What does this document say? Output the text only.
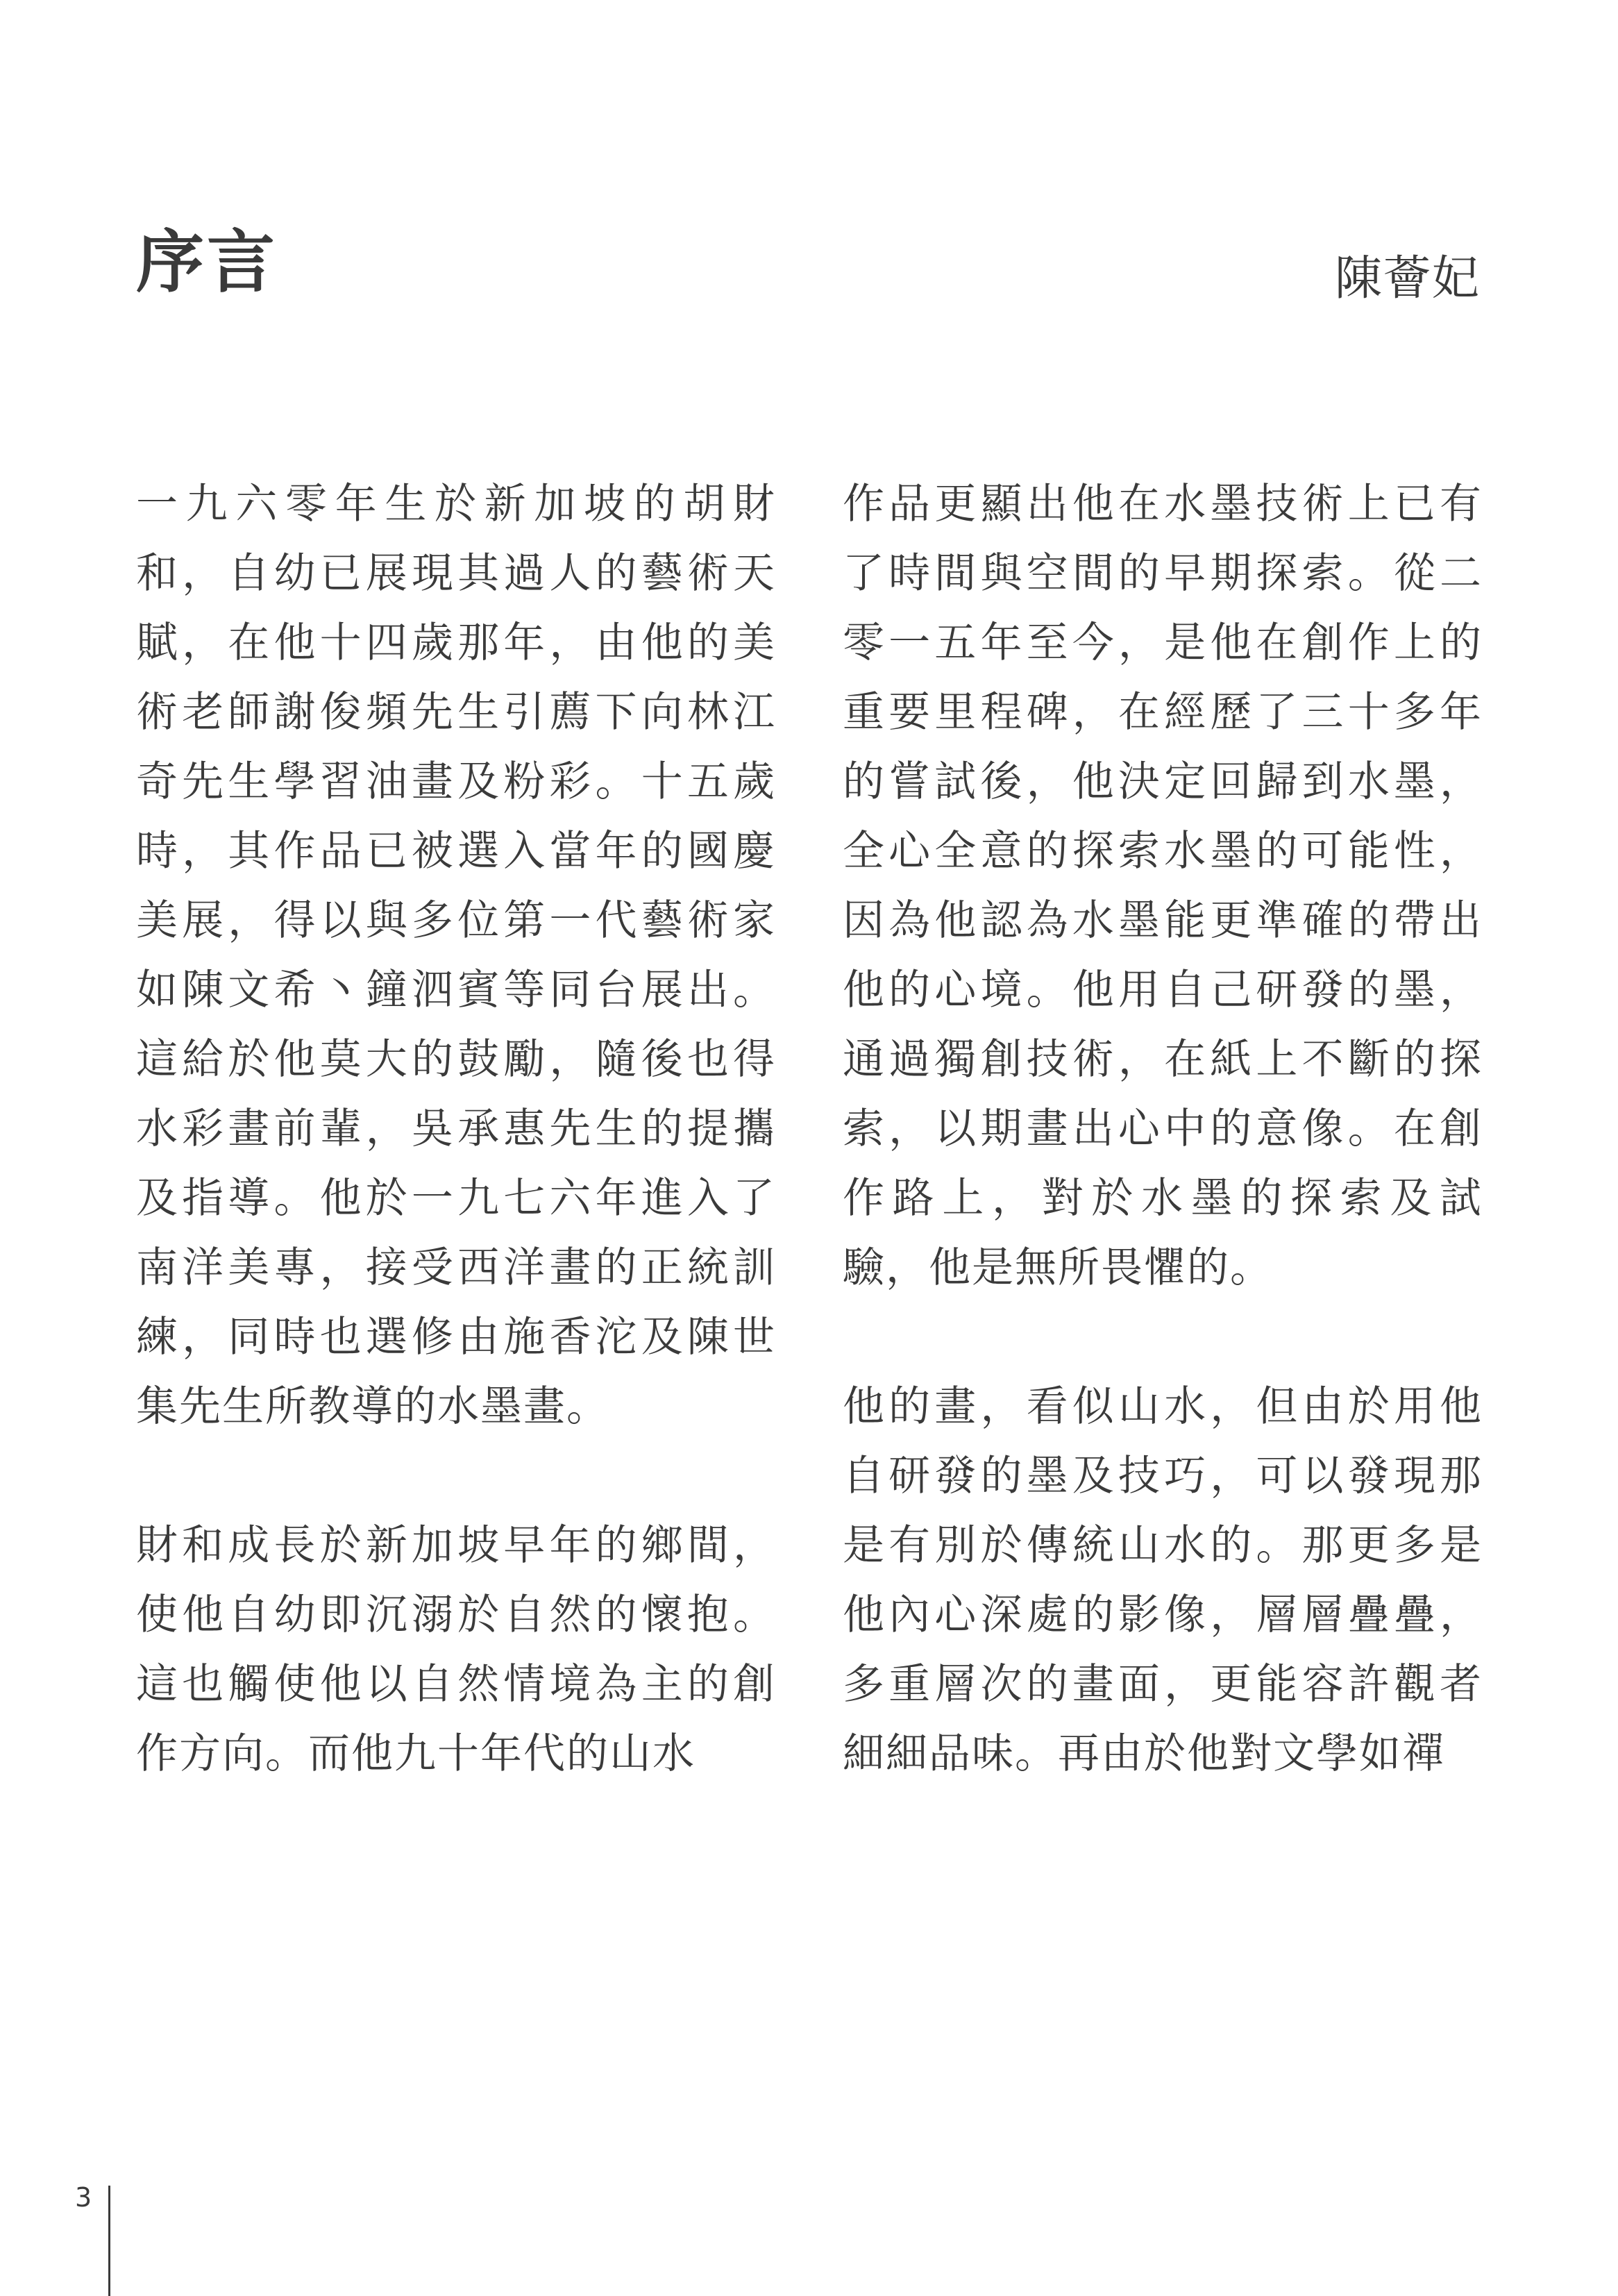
序言	陳薈妃

一九六零年生於新加坡的胡財和，自幼已展現其過人的藝術天賦，在他十四歲那年，由他的美術老師謝俊頻先生引薦下向林江奇先生學習油畫及粉彩。十五歲時，其作品已被選入當年的國慶美展，得以與多位第一代藝術家如陳文希丶鐘泗賓等同台展出。這給於他莫大的鼓勵，隨後也得水彩畫前輩，吳承惠先生的提攜及指導。他於一九七六年進入了南洋美專，接受西洋畫的正統訓練，同時也選修由施香沱及陳世集先生所教導的水墨畫。

財和成長於新加坡早年的鄉間，使他自幼即沉溺於自然的懷抱。這也觸使他以自然情境為主的創作方向。而他九十年代的山水

作品更顯出他在水墨技術上已有了時間與空間的早期探索。從二零一五年至今，是他在創作上的重要里程碑，在經歷了三十多年的嘗試後，他決定回歸到水墨，全心全意的探索水墨的可能性，因為他認為水墨能更準確的帶出他的心境。他用自己研發的墨，通過獨創技術，在紙上不斷的探索，以期畫出心中的意像。在創作路上，對於水墨的探索及試驗，他是無所畏懼的。

他的畫，看似山水，但由於用他自研發的墨及技巧，可以發現那是有別於傳統山水的。那更多是他內心深處的影像，層層疊疊，多重層次的畫面，更能容許觀者細細品味。再由於他對文學如禪

3
